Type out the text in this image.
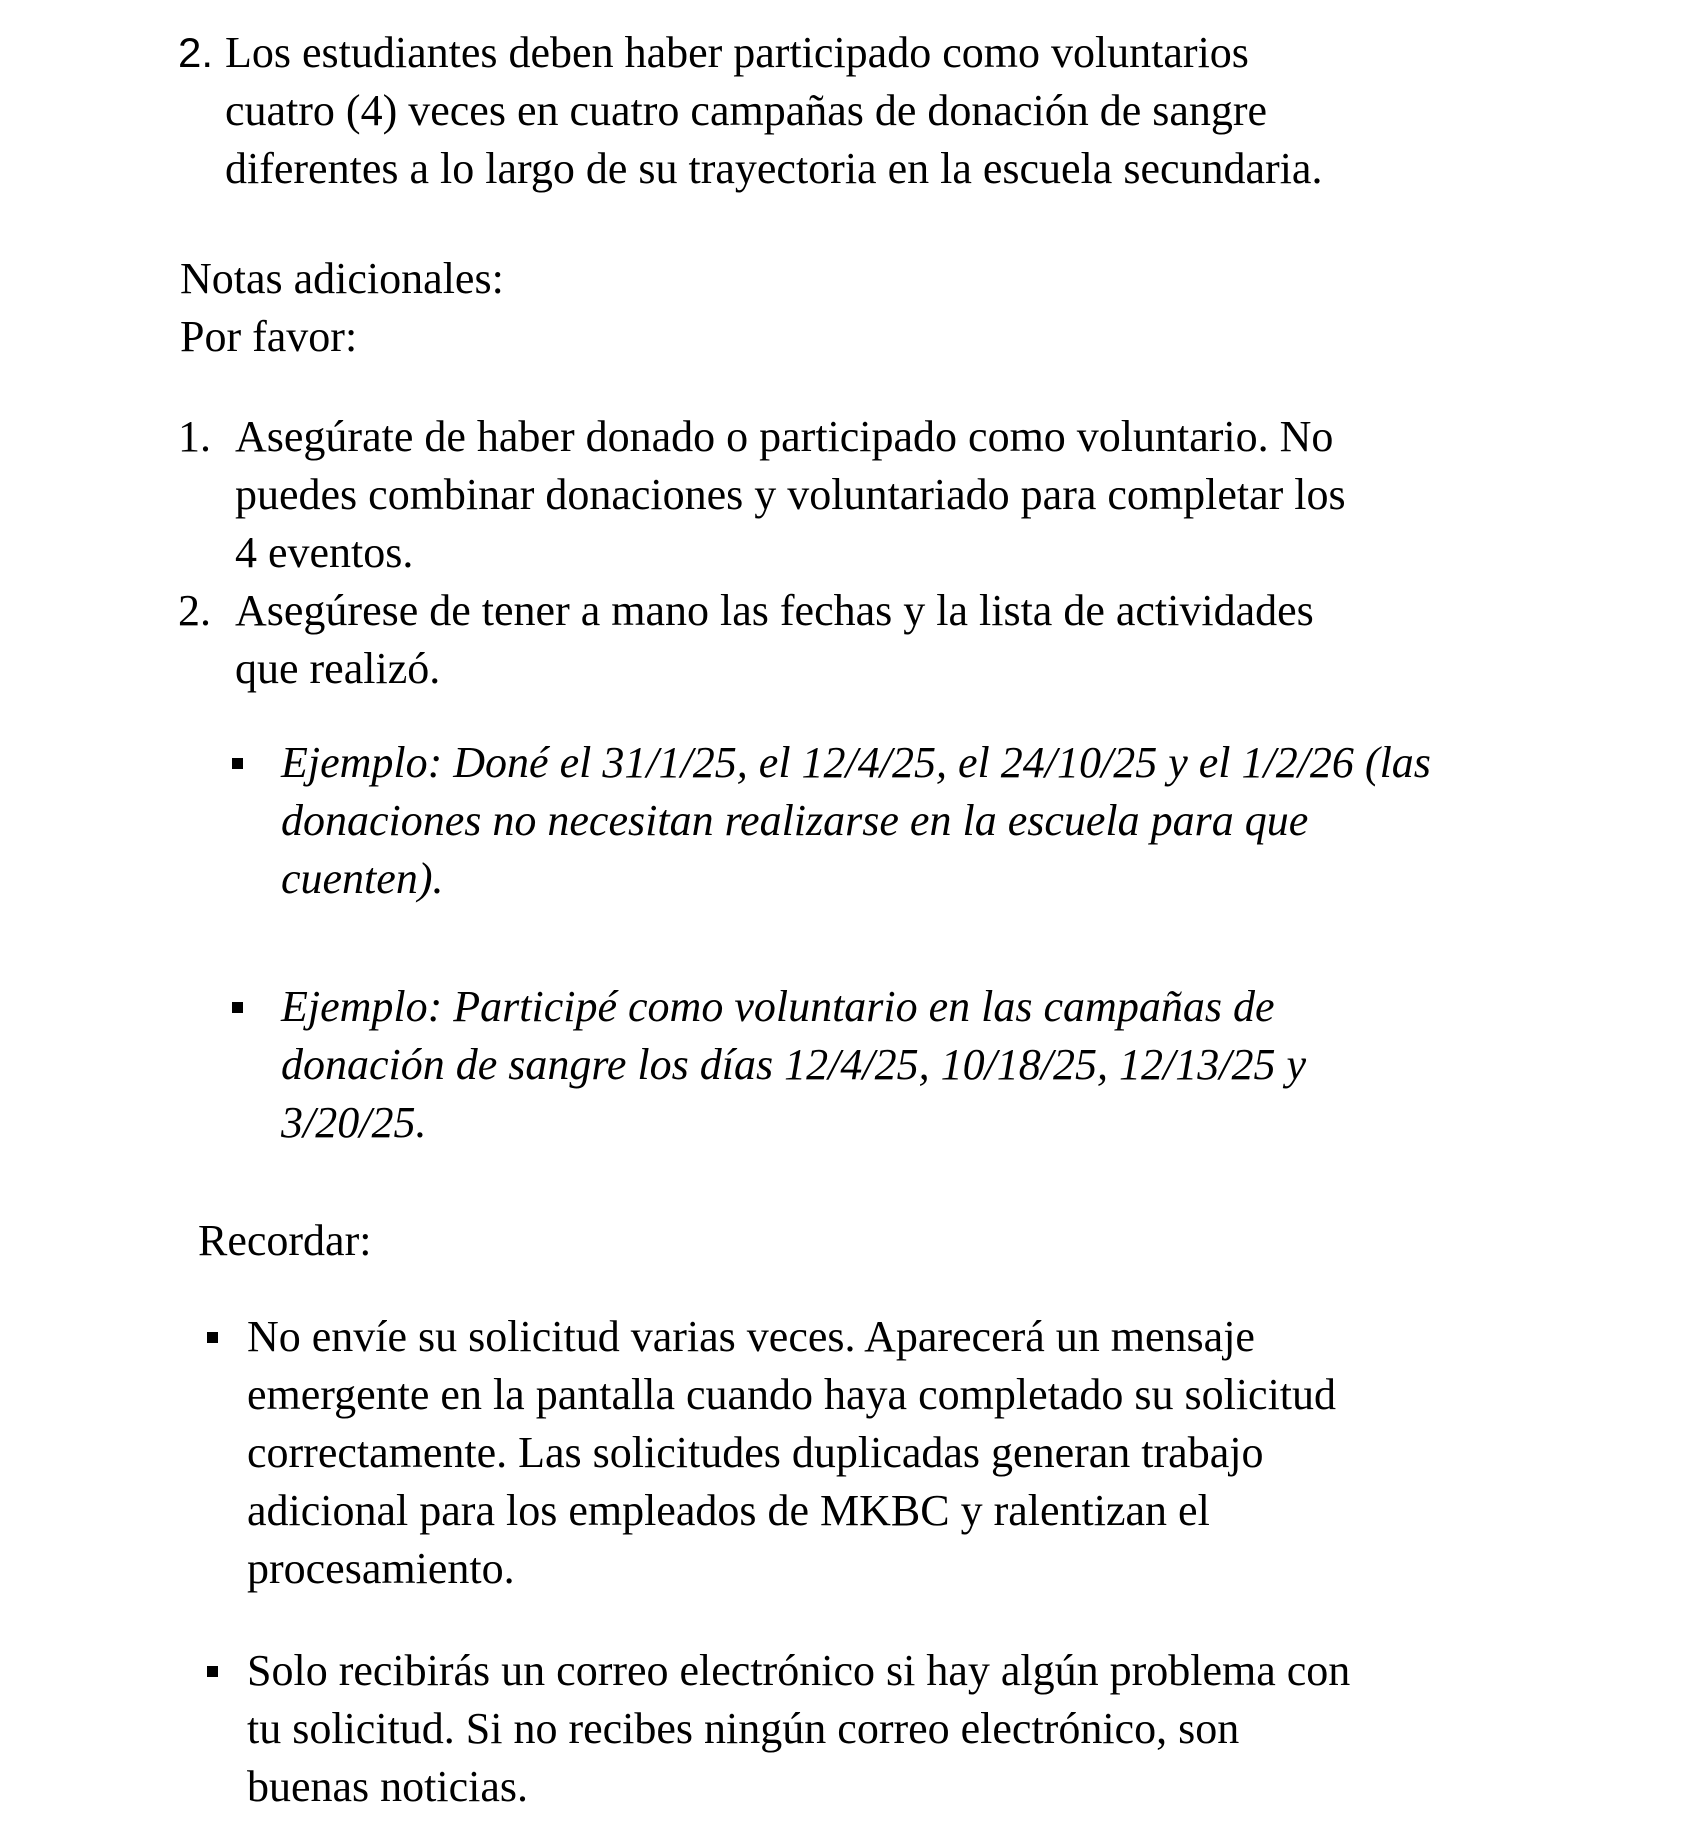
2. Los estudiantes deben haber participado como voluntarios
cuatro (4) veces en cuatro campañas de donación de sangre
diferentes a lo largo de su trayectoria en la escuela secundaria.
Notas adicionales:
Por favor:
1. Asegúrate de haber donado o participado como voluntario. No
puedes combinar donaciones y voluntariado para completar los
4 eventos.
2. Asegúrese de tener a mano las fechas y la lista de actividades
que realizó.
Ejemplo: Doné el 31/1/25, el 12/4/25, el 24/10/25 y el 1/2/26 (las
donaciones no necesitan realizarse en la escuela para que
cuenten).
Ejemplo: Participé como voluntario en las campañas de
donación de sangre los días 12/4/25, 10/18/25, 12/13/25 y
3/20/25.
Recordar:
No envíe su solicitud varias veces. Aparecerá un mensaje
emergente en la pantalla cuando haya completado su solicitud
correctamente. Las solicitudes duplicadas generan trabajo
adicional para los empleados de MKBC y ralentizan el
procesamiento.
Solo recibirás un correo electrónico si hay algún problema con
tu solicitud. Si no recibes ningún correo electrónico, son
buenas noticias.
